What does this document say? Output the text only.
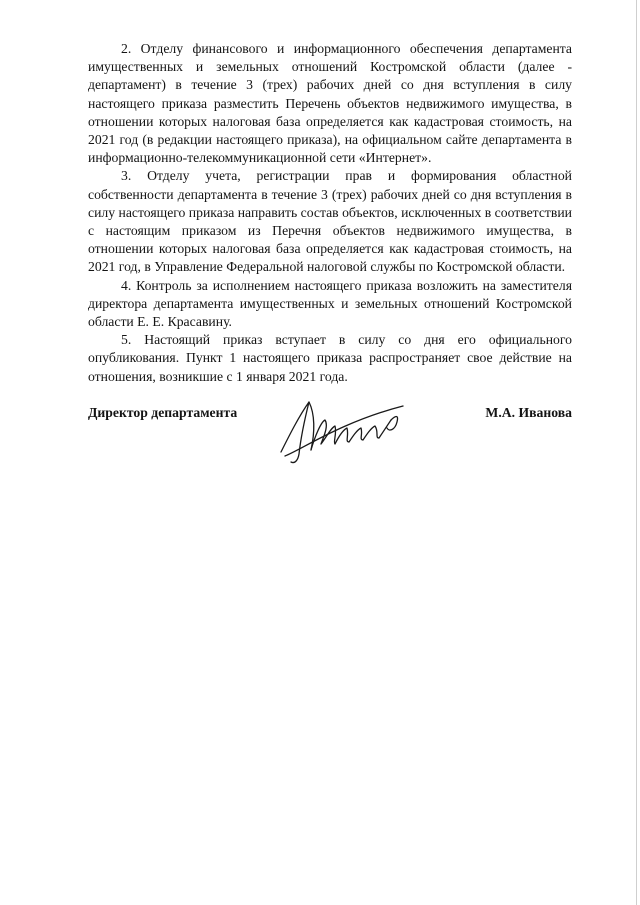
2. Отделу финансового и информационного обеспечения департамента имущественных и земельных отношений Костромской области (далее - департамент) в течение 3 (трех) рабочих дней со дня вступления в силу настоящего приказа разместить Перечень объектов недвижимого имущества, в отношении которых налоговая база определяется как кадастровая стоимость, на 2021 год (в редакции настоящего приказа), на официальном сайте департамента в информационно-телекоммуникационной сети «Интернет».

3. Отделу учета, регистрации прав и формирования областной собственности департамента в течение 3 (трех) рабочих дней со дня вступления в силу настоящего приказа направить состав объектов, исключенных в соответствии с настоящим приказом из Перечня объектов недвижимого имущества, в отношении которых налоговая база определяется как кадастровая стоимость, на 2021 год, в Управление Федеральной налоговой службы по Костромской области.

4. Контроль за исполнением настоящего приказа возложить на заместителя директора департамента имущественных и земельных отношений Костромской области Е. Е. Красавину.

5. Настоящий приказ вступает в силу со дня его официального опубликования. Пункт 1 настоящего приказа распространяет свое действие на отношения, возникшие с 1 января 2021 года.

Директор департамента	М.А. Иванова
